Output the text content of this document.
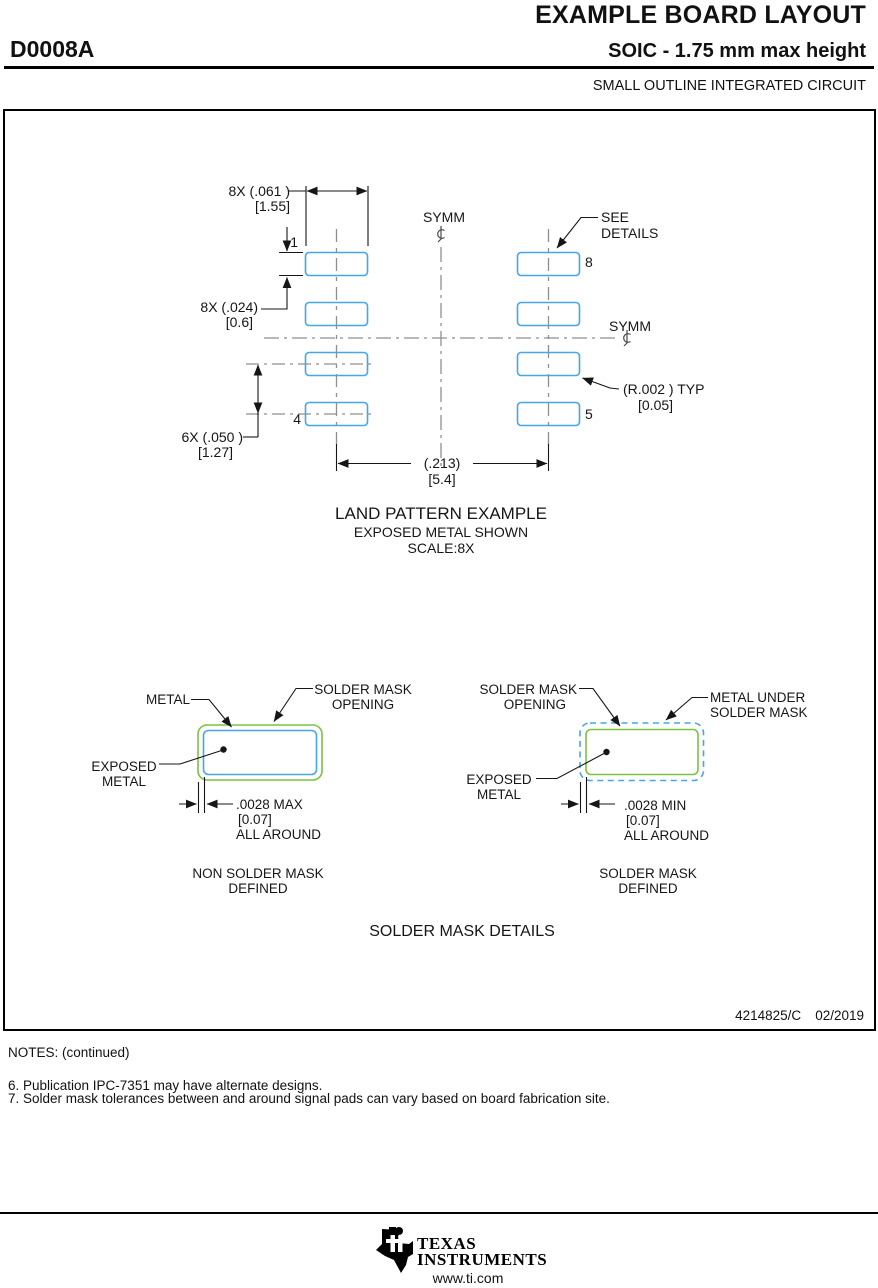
EXAMPLE BOARD LAYOUT
D0008A	SOIC - 1.75 mm max height
SMALL OUTLINE INTEGRATED CIRCUIT
8X (.061 )
[1.55]
1
8X (.024)
[0.6]
6X (.050 )
[1.27]
4
SYMM
SYMM
SEE
DETAILS
8
5
(R.002 ) TYP
[0.05]
(.213)
[5.4]
LAND PATTERN EXAMPLE
EXPOSED METAL SHOWN
SCALE:8X
METAL
SOLDER MASK
OPENING
EXPOSED
METAL
.0028 MAX
[0.07]
ALL AROUND
NON SOLDER MASK
DEFINED
SOLDER MASK
OPENING	METAL UNDER
SOLDER MASK
EXPOSED
METAL
.0028 MIN
[0.07]
ALL AROUND
SOLDER MASK
DEFINED
SOLDER MASK DETAILS
4214825/C 02/2019
NOTES: (continued)
6. Publication IPC-7351 may have alternate designs.
7. Solder mask tolerances between and around signal pads can vary based on board fabrication site.
TEXAS
INSTRUMENTS
www.ti.com
